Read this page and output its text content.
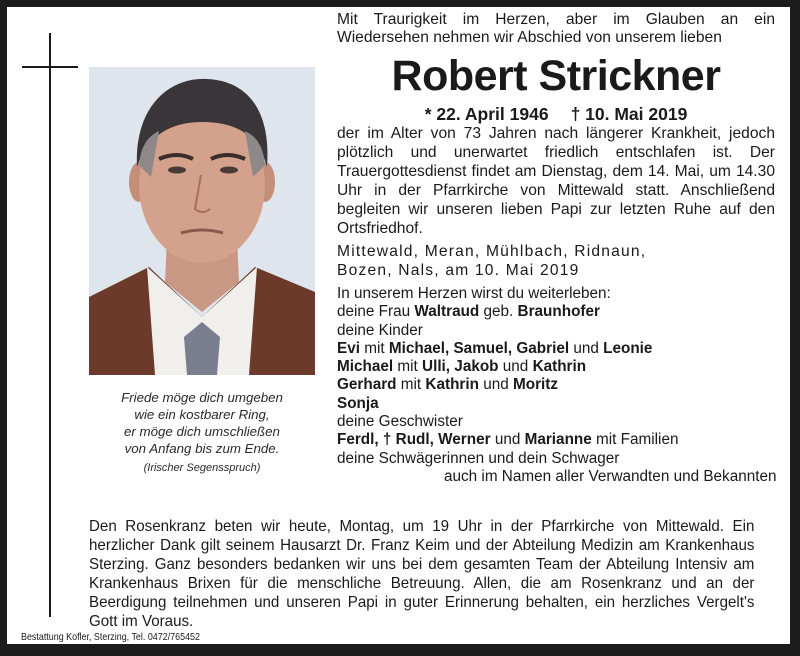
Friede möge dich umgeben
wie ein kostbarer Ring,
er möge dich umschließen
von Anfang bis zum Ende.
(Irischer Segensspruch)

Mit Traurigkeit im Herzen, aber im Glauben an ein Wiedersehen nehmen wir Abschied von unserem lieben

Robert Strickner
* 22. April 1946 † 10. Mai 2019

der im Alter von 73 Jahren nach längerer Krankheit, jedoch plötzlich und unerwartet friedlich entschlafen ist. Der Trauergottesdienst findet am Dienstag, dem 14. Mai, um 14.30 Uhr in der Pfarrkirche von Mittewald statt. Anschließend begleiten wir unseren lieben Papi zur letzten Ruhe auf den Ortsfriedhof.

Mittewald, Meran, Mühlbach, Ridnaun,
Bozen, Nals, am 10. Mai 2019
In unserem Herzen wirst du weiterleben:
deine Frau Waltraud geb. Braunhofer
deine Kinder
Evi mit Michael, Samuel, Gabriel und Leonie
Michael mit Ulli, Jakob und Kathrin
Gerhard mit Kathrin und Moritz
Sonja
deine Geschwister
Ferdl, † Rudl, Werner und Marianne mit Familien
deine Schwägerinnen und dein Schwager
auch im Namen aller Verwandten und Bekannten

Den Rosenkranz beten wir heute, Montag, um 19 Uhr in der Pfarrkirche von Mittewald. Ein herzlicher Dank gilt seinem Hausarzt Dr. Franz Keim und der Abteilung Medizin am Krankenhaus Sterzing. Ganz besonders bedanken wir uns bei dem gesamten Team der Abteilung Intensiv am Krankenhaus Brixen für die menschliche Betreuung. Allen, die am Rosenkranz und an der Beerdigung teilnehmen und unseren Papi in guter Erinnerung behalten, ein herzliches Vergelt's Gott im Voraus.

Bestattung Kofler, Sterzing, Tel. 0472/765452
